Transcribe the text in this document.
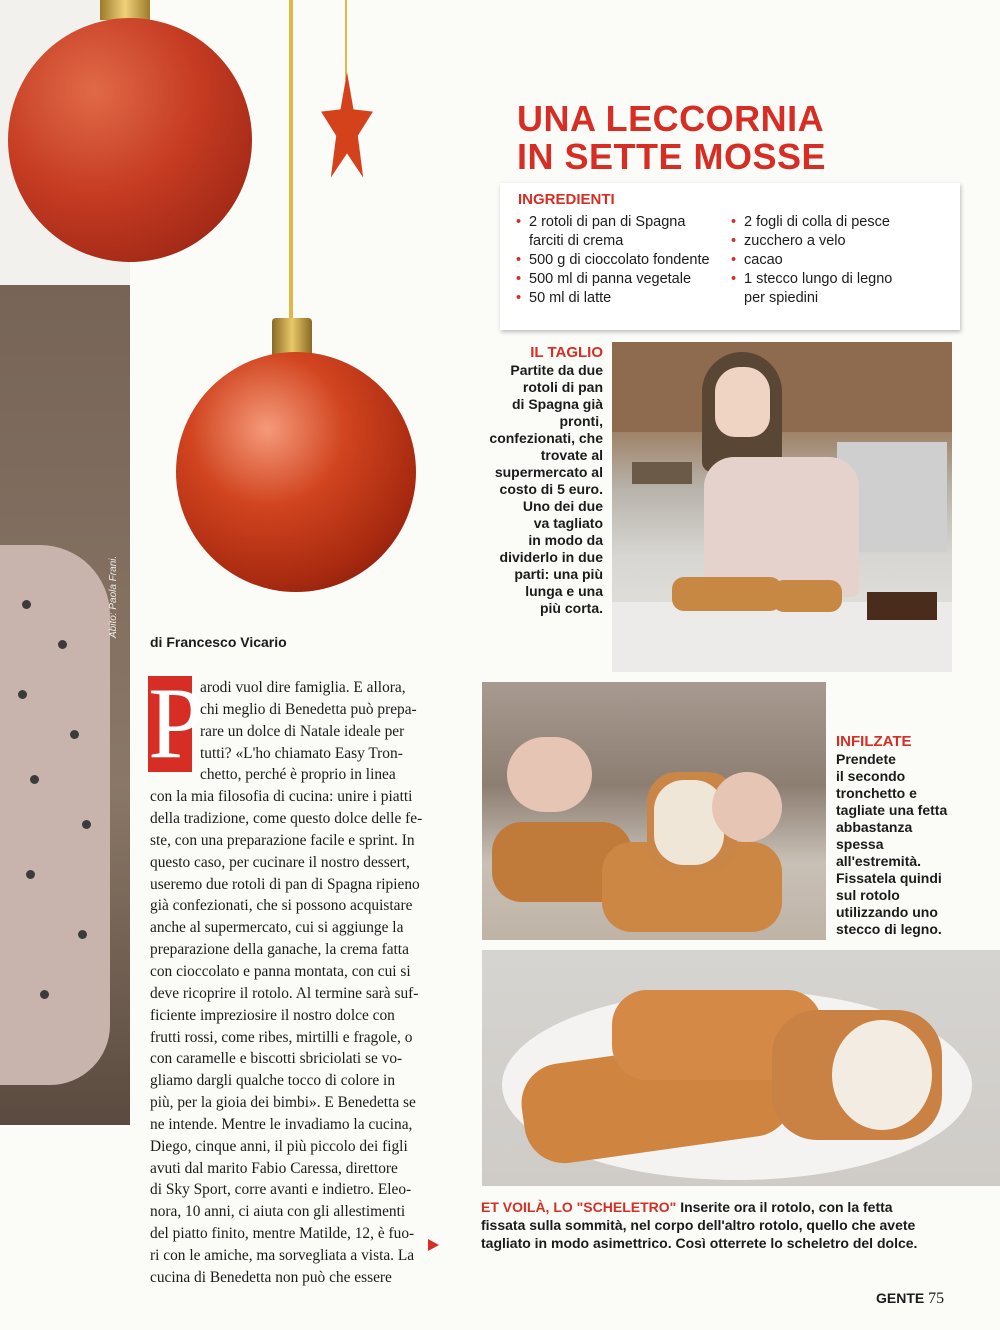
Abito: Paola Frani.
UNA LECCORNIA
IN SETTE MOSSE
INGREDIENTI
• 2 rotoli di pan di Spagna
farciti di crema
• 500 g di cioccolato fondente
• 500 ml di panna vegetale
• 50 ml di latte
• 2 fogli di colla di pesce
• zucchero a velo
• cacao
• 1 stecco lungo di legno
per spiedini
IL TAGLIO
Partite da due
rotoli di pan
di Spagna già
pronti,
confezionati, che
trovate al
supermercato al
costo di 5 euro.
Uno dei due
va tagliato
in modo da
dividerlo in due
parti: una più
lunga e una
più corta.
INFILZATE
Prendete
il secondo
tronchetto e
tagliate una fetta
abbastanza
spessa
all'estremità.
Fissatela quindi
sul rotolo
utilizzando uno
stecco di legno.
ET VOILÀ, LO "SCHELETRO" Inserite ora il rotolo, con la fetta
fissata sulla sommità, nel corpo dell'altro rotolo, quello che avete
tagliato in modo asimettrico. Così otterrete lo scheletro del dolce.
di Francesco Vicario
P
arodi vuol dire famiglia. E allora,
chi meglio di Benedetta può prepa-
rare un dolce di Natale ideale per
tutti? «L'ho chiamato Easy Tron-
chetto, perché è proprio in linea
con la mia filosofia di cucina: unire i piatti
della tradizione, come questo dolce delle fe-
ste, con una preparazione facile e sprint. In
questo caso, per cucinare il nostro dessert,
useremo due rotoli di pan di Spagna ripieno
già confezionati, che si possono acquistare
anche al supermercato, cui si aggiunge la
preparazione della ganache, la crema fatta
con cioccolato e panna montata, con cui si
deve ricoprire il rotolo. Al termine sarà suf-
ficiente impreziosire il nostro dolce con
frutti rossi, come ribes, mirtilli e fragole, o
con caramelle e biscotti sbriciolati se vo-
gliamo dargli qualche tocco di colore in
più, per la gioia dei bimbi». E Benedetta se
ne intende. Mentre le invadiamo la cucina,
Diego, cinque anni, il più piccolo dei figli
avuti dal marito Fabio Caressa, direttore
di Sky Sport, corre avanti e indietro. Eleo-
nora, 10 anni, ci aiuta con gli allestimenti
del piatto finito, mentre Matilde, 12, è fuo-
ri con le amiche, ma sorvegliata a vista. La
cucina di Benedetta non può che essere
GENTE 75
